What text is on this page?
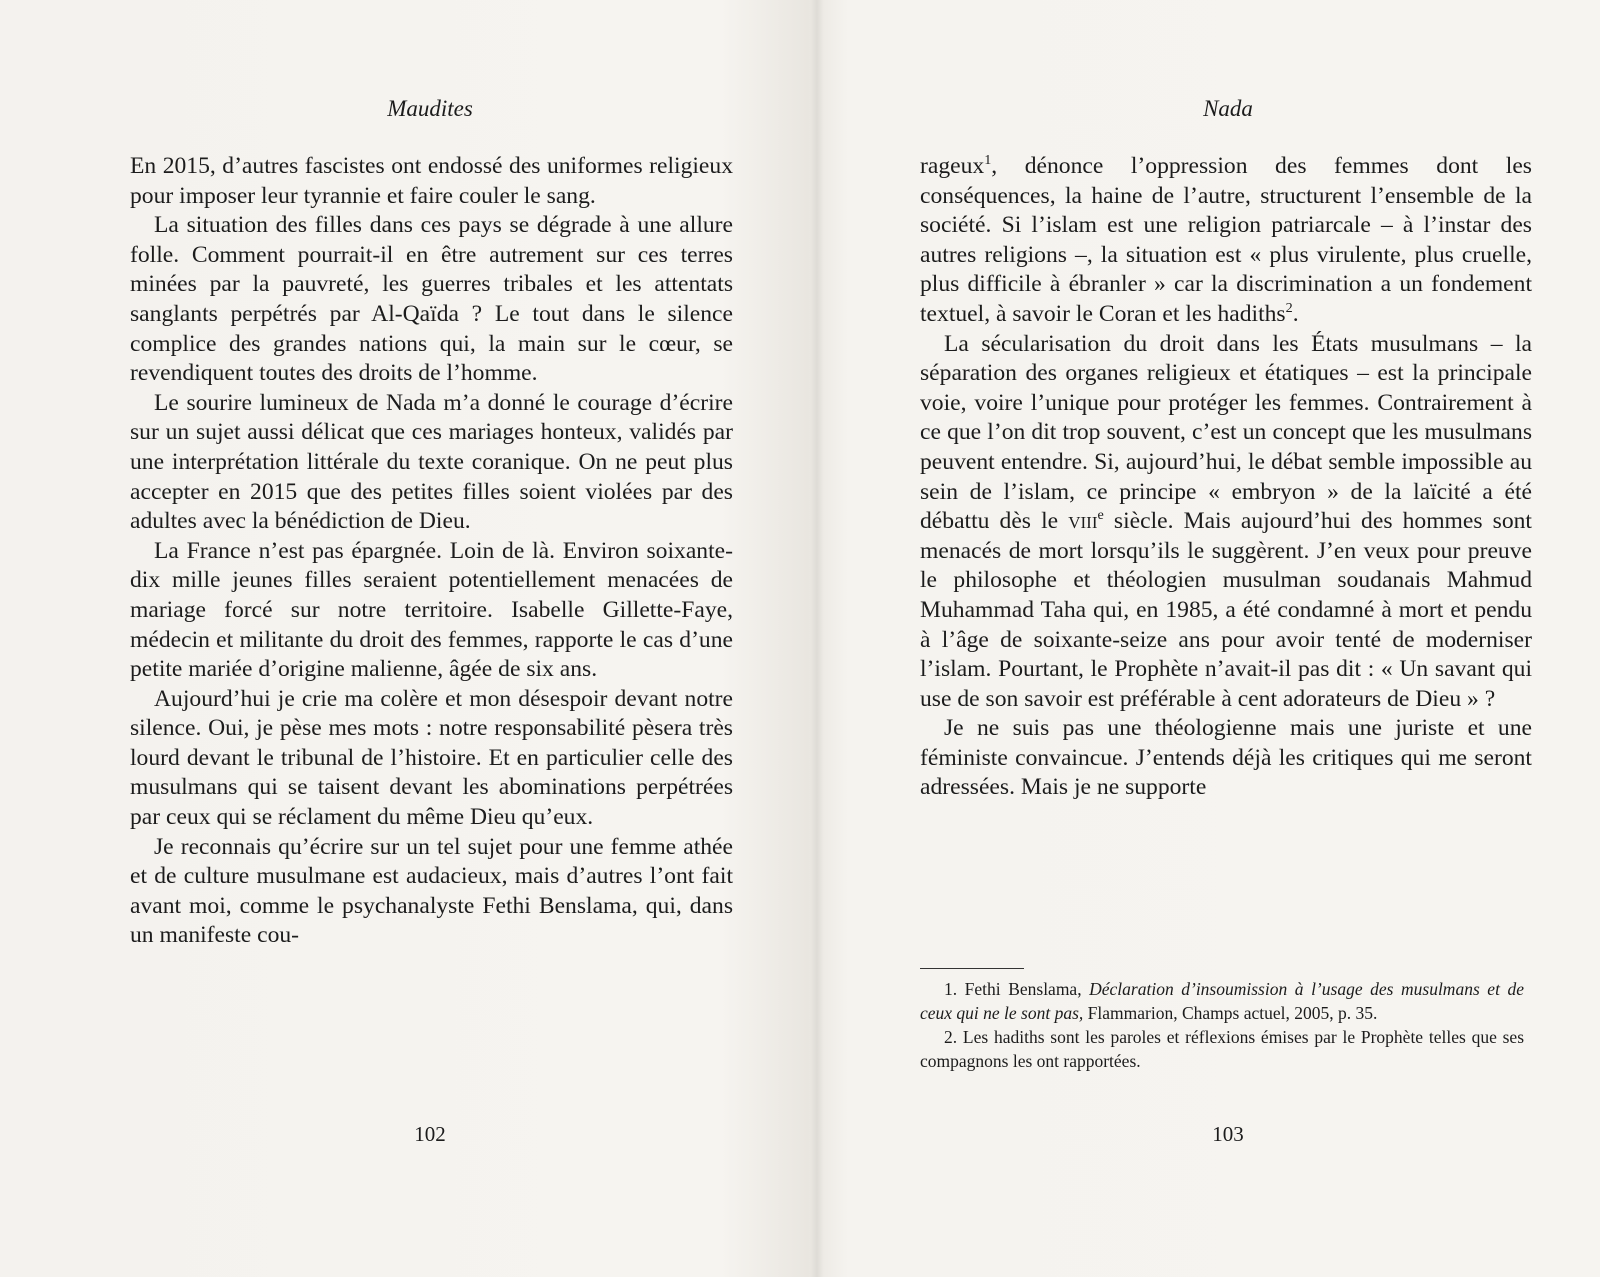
Maudites

En 2015, d’autres fascistes ont endossé des uniformes religieux pour imposer leur tyrannie et faire couler le sang.

La situation des filles dans ces pays se dégrade à une allure folle. Comment pourrait-il en être autrement sur ces terres minées par la pauvreté, les guerres tribales et les attentats sanglants perpétrés par Al-Qaïda ? Le tout dans le silence complice des grandes nations qui, la main sur le cœur, se revendiquent toutes des droits de l’homme.

Le sourire lumineux de Nada m’a donné le courage d’écrire sur un sujet aussi délicat que ces mariages honteux, validés par une interprétation littérale du texte coranique. On ne peut plus accepter en 2015 que des petites filles soient violées par des adultes avec la bénédiction de Dieu.

La France n’est pas épargnée. Loin de là. Environ soixante-dix mille jeunes filles seraient potentiellement menacées de mariage forcé sur notre territoire. Isabelle Gillette-Faye, médecin et militante du droit des femmes, rapporte le cas d’une petite mariée d’origine malienne, âgée de six ans.

Aujourd’hui je crie ma colère et mon désespoir devant notre silence. Oui, je pèse mes mots : notre responsabilité pèsera très lourd devant le tribunal de l’histoire. Et en particulier celle des musulmans qui se taisent devant les abominations perpétrées par ceux qui se réclament du même Dieu qu’eux.

Je reconnais qu’écrire sur un tel sujet pour une femme athée et de culture musulmane est audacieux, mais d’autres l’ont fait avant moi, comme le psychanalyste Fethi Benslama, qui, dans un manifeste cou-

102
Nada

rageux$^1$, dénonce l’oppression des femmes dont les conséquences, la haine de l’autre, structurent l’ensemble de la société. Si l’islam est une religion patriarcale – à l’instar des autres religions –, la situation est « plus virulente, plus cruelle, plus difficile à ébranler » car la discrimination a un fondement textuel, à savoir le Coran et les hadiths$^2$.

La sécularisation du droit dans les États musulmans – la séparation des organes religieux et étatiques – est la principale voie, voire l’unique pour protéger les femmes. Contrairement à ce que l’on dit trop souvent, c’est un concept que les musulmans peuvent entendre. Si, aujourd’hui, le débat semble impossible au sein de l’islam, ce principe « embryon » de la laïcité a été débattu dès le viii$^e$ siècle. Mais aujourd’hui des hommes sont menacés de mort lorsqu’ils le suggèrent. J’en veux pour preuve le philosophe et théologien musulman soudanais Mahmud Muhammad Taha qui, en 1985, a été condamné à mort et pendu à l’âge de soixante-seize ans pour avoir tenté de moderniser l’islam. Pourtant, le Prophète n’avait-il pas dit : « Un savant qui use de son savoir est préférable à cent adorateurs de Dieu » ?

Je ne suis pas une théologienne mais une juriste et une féministe convaincue. J’entends déjà les critiques qui me seront adressées. Mais je ne supporte

1. Fethi Benslama, Déclaration d’insoumission à l’usage des musulmans et de ceux qui ne le sont pas, Flammarion, Champs actuel, 2005, p. 35.

2. Les hadiths sont les paroles et réflexions émises par le Prophète telles que ses compagnons les ont rapportées.

103
